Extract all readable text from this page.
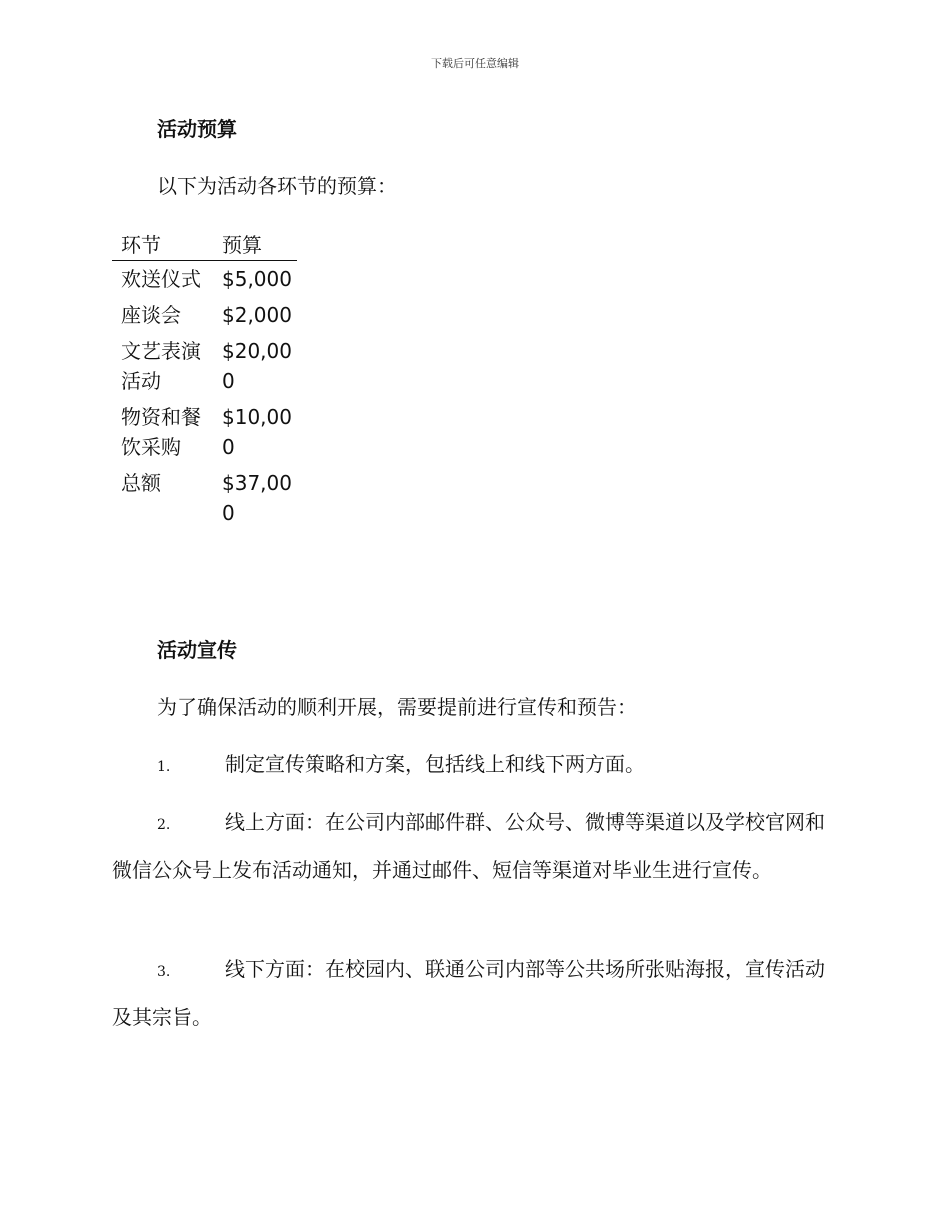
下载后可任意编辑
活动预算
以下为活动各环节的预算：
环节	预算
欢送仪式	$5,000
座谈会	$2,000
文艺表演活动	$20,000
物资和餐饮采购	$10,000
总额	$37,000
活动宣传
为了确保活动的顺利开展，需要提前进行宣传和预告：
1.	制定宣传策略和方案，包括线上和线下两方面。
2.	线上方面：在公司内部邮件群、公众号、微博等渠道以及学校官网和微信公众号上发布活动通知，并通过邮件、短信等渠道对毕业生进行宣传。
3.	线下方面：在校园内、联通公司内部等公共场所张贴海报，宣传活动及其宗旨。
